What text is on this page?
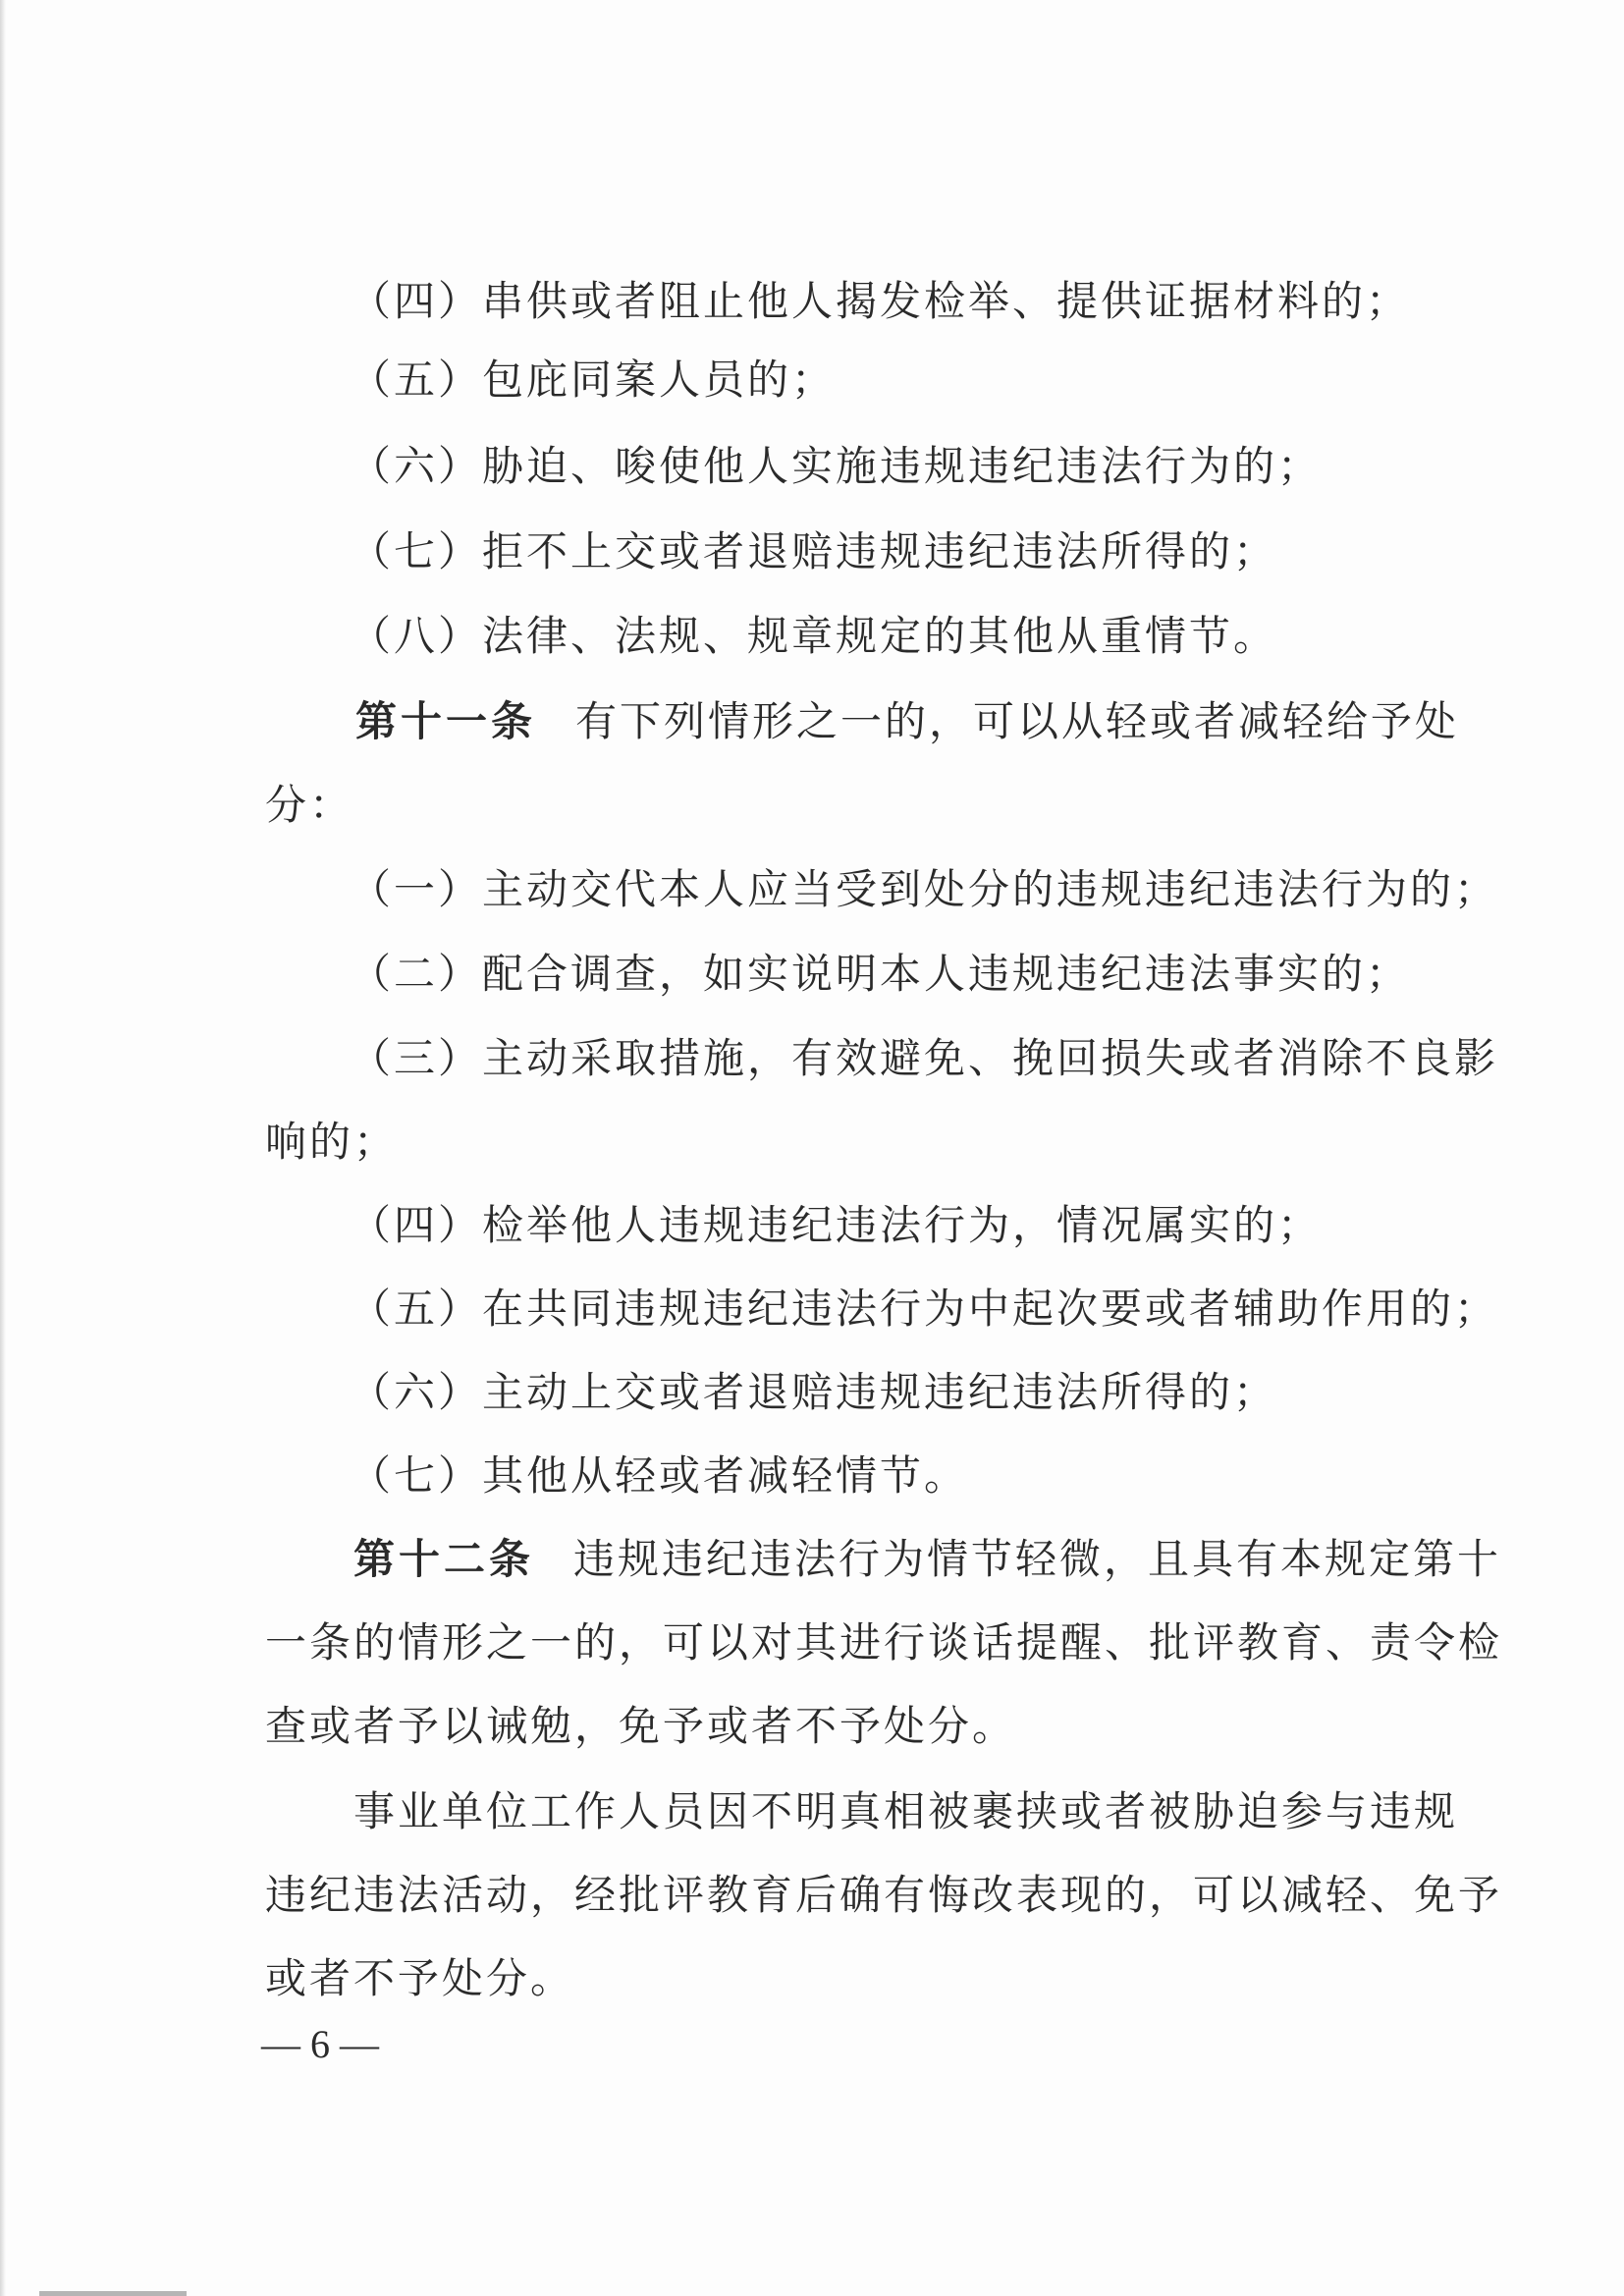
（四）串供或者阻止他人揭发检举、提供证据材料的；
（五）包庇同案人员的；
（六）胁迫、唆使他人实施违规违纪违法行为的；
（七）拒不上交或者退赔违规违纪违法所得的；
（八）法律、法规、规章规定的其他从重情节。
第十一条 有下列情形之一的，可以从轻或者减轻给予处
分：
（一）主动交代本人应当受到处分的违规违纪违法行为的；
（二）配合调查，如实说明本人违规违纪违法事实的；
（三）主动采取措施，有效避免、挽回损失或者消除不良影
响的；
（四）检举他人违规违纪违法行为，情况属实的；
（五）在共同违规违纪违法行为中起次要或者辅助作用的；
（六）主动上交或者退赔违规违纪违法所得的；
（七）其他从轻或者减轻情节。
第十二条 违规违纪违法行为情节轻微，且具有本规定第十
一条的情形之一的，可以对其进行谈话提醒、批评教育、责令检
查或者予以诫勉，免予或者不予处分。
事业单位工作人员因不明真相被裹挟或者被胁迫参与违规
违纪违法活动，经批评教育后确有悔改表现的，可以减轻、免予
或者不予处分。
— 6 —
